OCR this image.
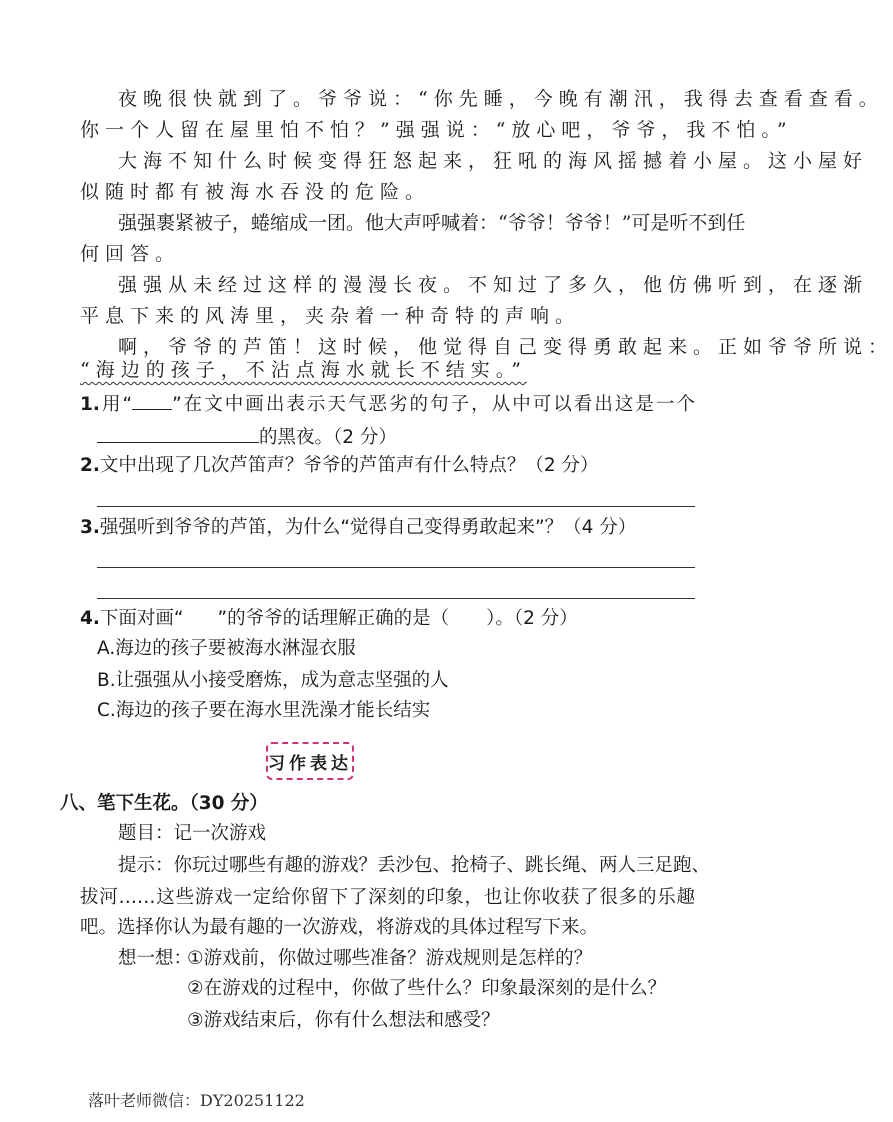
夜晚很快就到了。爷爷说：“你先睡，今晚有潮汛，我得去查看查看。
你一个人留在屋里怕不怕？”强强说：“放心吧，爷爷，我不怕。”
大海不知什么时候变得狂怒起来，狂吼的海风摇撼着小屋。这小屋好
似随时都有被海水吞没的危险。
强强裹紧被子，蜷缩成一团。他大声呼喊着：“爷爷！爷爷！”可是听不到任
何回答。
强强从未经过这样的漫漫长夜。不知过了多久，他仿佛听到，在逐渐
平息下来的风涛里，夹杂着一种奇特的声响。
啊，爷爷的芦笛！这时候，他觉得自己变得勇敢起来。正如爷爷所说：
“海边的孩子，不沾点海水就长不结实。”
1.用“ ”在文中画出表示天气恶劣的句子，从中可以看出这是一个
的黑夜。（2 分）
2.文中出现了几次芦笛声？爷爷的芦笛声有什么特点？（2 分）
3.强强听到爷爷的芦笛，为什么“觉得自己变得勇敢起来”？（4 分）
4.下面对画“ ”的爷爷的话理解正确的是（　　）。（2 分）
A.海边的孩子要被海水淋湿衣服
B.让强强从小接受磨炼，成为意志坚强的人
C.海边的孩子要在海水里洗澡才能长结实
习作表达
八、笔下生花。（30 分）
题目：记一次游戏
提示：你玩过哪些有趣的游戏？丢沙包、抢椅子、跳长绳、两人三足跑、
拔河……这些游戏一定给你留下了深刻的印象，也让你收获了很多的乐趣
吧。选择你认为最有趣的一次游戏，将游戏的具体过程写下来。
想一想：
①游戏前，你做过哪些准备？游戏规则是怎样的？
②在游戏的过程中，你做了些什么？印象最深刻的是什么？
③游戏结束后，你有什么想法和感受？
落叶老师微信：DY20251122
